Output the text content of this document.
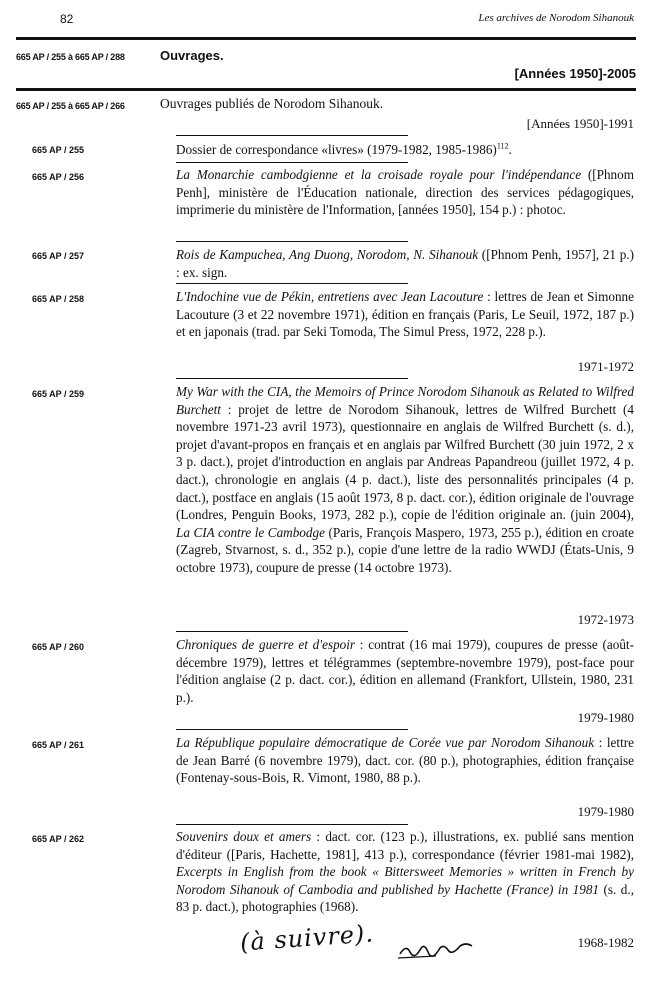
82	Les archives de Norodom Sihanouk
665 AP / 255 à 665 AP / 288	Ouvrages.
[Années 1950]-2005
665 AP / 255 à 665 AP / 266	Ouvrages publiés de Norodom Sihanouk.
[Années 1950]-1991
665 AP / 255	Dossier de correspondance «livres» (1979-1982, 1985-1986)$^{112}$.
665 AP / 256	La Monarchie cambodgienne et la croisade royale pour l'indépendance ([Phnom Penh], ministère de l'Éducation nationale, direction des services pédagogiques, imprimerie du ministère de l'Information, [années 1950], 154 p.) : photoc.
665 AP / 257	Rois de Kampuchea, Ang Duong, Norodom, N. Sihanouk ([Phnom Penh, 1957], 21 p.) : ex. sign.
665 AP / 258	L'Indochine vue de Pékin, entretiens avec Jean Lacouture : lettres de Jean et Simonne Lacouture (3 et 22 novembre 1971), édition en français (Paris, Le Seuil, 1972, 187 p.) et en japonais (trad. par Seki Tomoda, The Simul Press, 1972, 228 p.).
1971-1972
665 AP / 259	My War with the CIA, the Memoirs of Prince Norodom Sihanouk as Related to Wilfred Burchett : projet de lettre de Norodom Sihanouk, lettres de Wilfred Burchett (4 novembre 1971-23 avril 1973), questionnaire en anglais de Wilfred Burchett (s. d.), projet d'avant-propos en français et en anglais par Wilfred Burchett (30 juin 1972, 2 x 3 p. dact.), projet d'introduction en anglais par Andreas Papandreou (juillet 1972, 4 p. dact.), chronologie en anglais (4 p. dact.), liste des personnalités principales (4 p. dact.), postface en anglais (15 août 1973, 8 p. dact. cor.), édition originale de l'ouvrage (Londres, Penguin Books, 1973, 282 p.), copie de l'édition originale an. (juin 2004), La CIA contre le Cambodge (Paris, François Maspero, 1973, 255 p.), édition en croate (Zagreb, Stvarnost, s. d., 352 p.), copie d'une lettre de la radio WWDJ (États-Unis, 9 octobre 1973), coupure de presse (14 octobre 1973).
1972-1973
665 AP / 260	Chroniques de guerre et d'espoir : contrat (16 mai 1979), coupures de presse (août-décembre 1979), lettres et télégrammes (septembre-novembre 1979), post-face pour l'édition anglaise (2 p. dact. cor.), édition en allemand (Frankfort, Ullstein, 1980, 231 p.).
1979-1980
665 AP / 261	La République populaire démocratique de Corée vue par Norodom Sihanouk : lettre de Jean Barré (6 novembre 1979), dact. cor. (80 p.), photographies, édition française (Fontenay-sous-Bois, R. Vimont, 1980, 88 p.).
1979-1980
665 AP / 262	Souvenirs doux et amers : dact. cor. (123 p.), illustrations, ex. publié sans mention d'éditeur ([Paris, Hachette, 1981], 413 p.), correspondance (février 1981-mai 1982), Excerpts in English from the book « Bittersweet Memories » written in French by Norodom Sihanouk of Cambodia and published by Hachette (France) in 1981 (s. d., 83 p. dact.), photographies (1968).
1968-1982
(à suivre).
